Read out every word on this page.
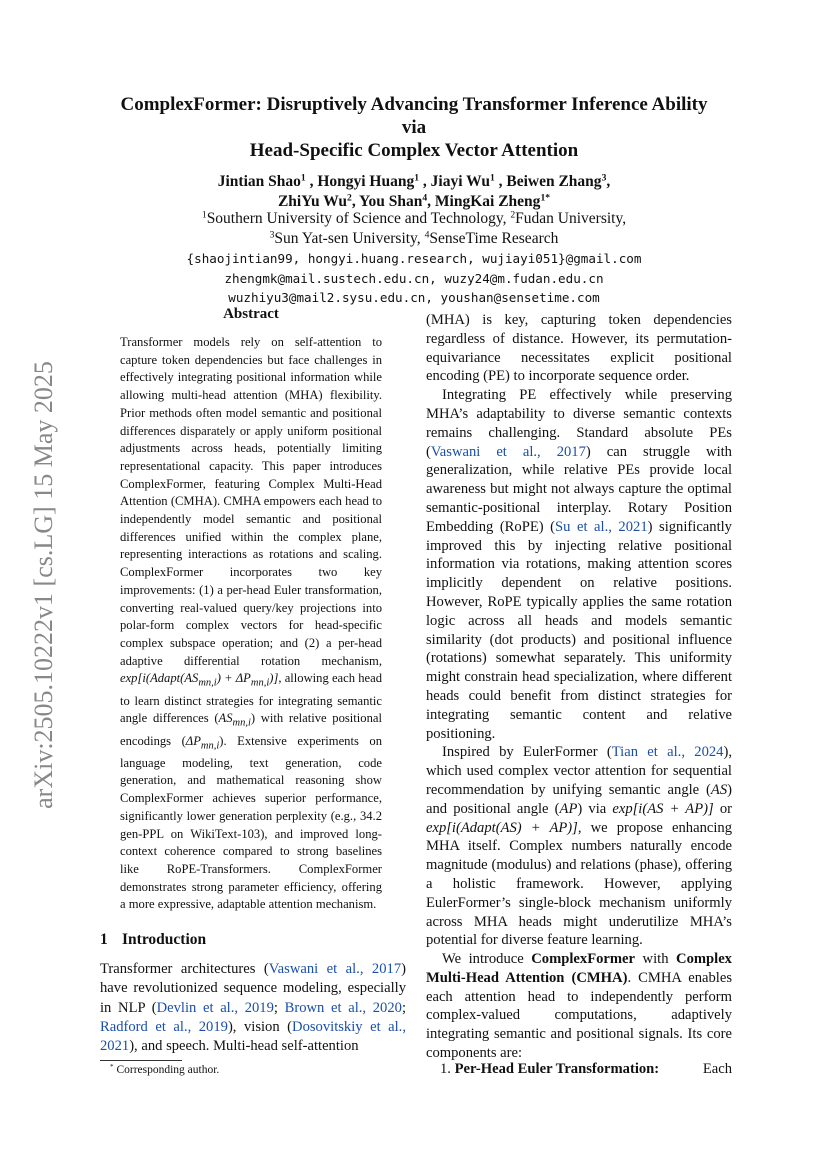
arXiv:2505.10222v1 [cs.LG] 15 May 2025
ComplexFormer: Disruptively Advancing Transformer Inference Ability
via
Head-Specific Complex Vector Attention
Jintian Shao$^1$ , Hongyi Huang$^1$ , Jiayi Wu$^1$ , Beiwen Zhang$^3$,
ZhiYu Wu$^2$, You Shan$^4$, MingKai Zheng$^{1*}$
$^1$Southern University of Science and Technology, $^2$Fudan University,
$^3$Sun Yat-sen University, $^4$SenseTime Research
{shaojintian99, hongyi.huang.research, wujiayi051}@gmail.com
zhengmk@mail.sustech.edu.cn, wuzy24@m.fudan.edu.cn
wuzhiyu3@mail2.sysu.edu.cn, youshan@sensetime.com
Abstract

Transformer models rely on self-attention to capture token dependencies but face challenges in effectively integrating positional information while allowing multi-head attention (MHA) flexibility. Prior methods often model semantic and positional differences disparately or apply uniform positional adjustments across heads, potentially limiting representational capacity. This paper introduces ComplexFormer, featuring Complex Multi-Head Attention (CMHA). CMHA empowers each head to independently model semantic and positional differences unified within the complex plane, representing interactions as rotations and scaling. ComplexFormer incorporates two key improvements: (1) a per-head Euler transformation, converting real-valued query/key projections into polar-form complex vectors for head-specific complex subspace operation; and (2) a per-head adaptive differential rotation mechanism, $\exp[i(Adapt(AS_{mn,i}) + \Delta P_{mn,i})]$, allowing each head to learn distinct strategies for integrating semantic angle differences $(AS_{mn,i})$ with relative positional encodings $(\Delta P_{mn,i})$. Extensive experiments on language modeling, text generation, code generation, and mathematical reasoning show ComplexFormer achieves superior performance, significantly lower generation perplexity (e.g., 34.2 gen-PPL on WikiText-103), and improved long-context coherence compared to strong baselines like RoPE-Transformers. ComplexFormer demonstrates strong parameter efficiency, offering a more expressive, adaptable attention mechanism.

1 Introduction

Transformer architectures (Vaswani et al., 2017) have revolutionized sequence modeling, especially in NLP (Devlin et al., 2019; Brown et al., 2020; Radford et al., 2019), vision (Dosovitskiy et al., 2021), and speech. Multi-head self-attention

(MHA) is key, capturing token dependencies regardless of distance. However, its permutation-equivariance necessitates explicit positional encoding (PE) to incorporate sequence order.

Integrating PE effectively while preserving MHA’s adaptability to diverse semantic contexts remains challenging. Standard absolute PEs (Vaswani et al., 2017) can struggle with generalization, while relative PEs provide local awareness but might not always capture the optimal semantic-positional interplay. Rotary Position Embedding (RoPE) (Su et al., 2021) significantly improved this by injecting relative positional information via rotations, making attention scores implicitly dependent on relative positions. However, RoPE typically applies the same rotation logic across all heads and models semantic similarity (dot products) and positional influence (rotations) somewhat separately. This uniformity might constrain head specialization, where different heads could benefit from distinct strategies for integrating semantic content and relative positioning.

Inspired by EulerFormer (Tian et al., 2024), which used complex vector attention for sequential recommendation by unifying semantic angle (AS) and positional angle (AP) via exp[i(AS + AP)] or exp[i(Adapt(AS) + AP)], we propose enhancing MHA itself. Complex numbers naturally encode magnitude (modulus) and relations (phase), offering a holistic framework. However, applying EulerFormer’s single-block mechanism uniformly across MHA heads might underutilize MHA’s potential for diverse feature learning.

We introduce ComplexFormer with Complex Multi-Head Attention (CMHA). CMHA enables each attention head to independently perform complex-valued computations, adaptively integrating semantic and positional signals. Its core components are:

1. Per-Head Euler Transformation:	Each
* Corresponding author.
